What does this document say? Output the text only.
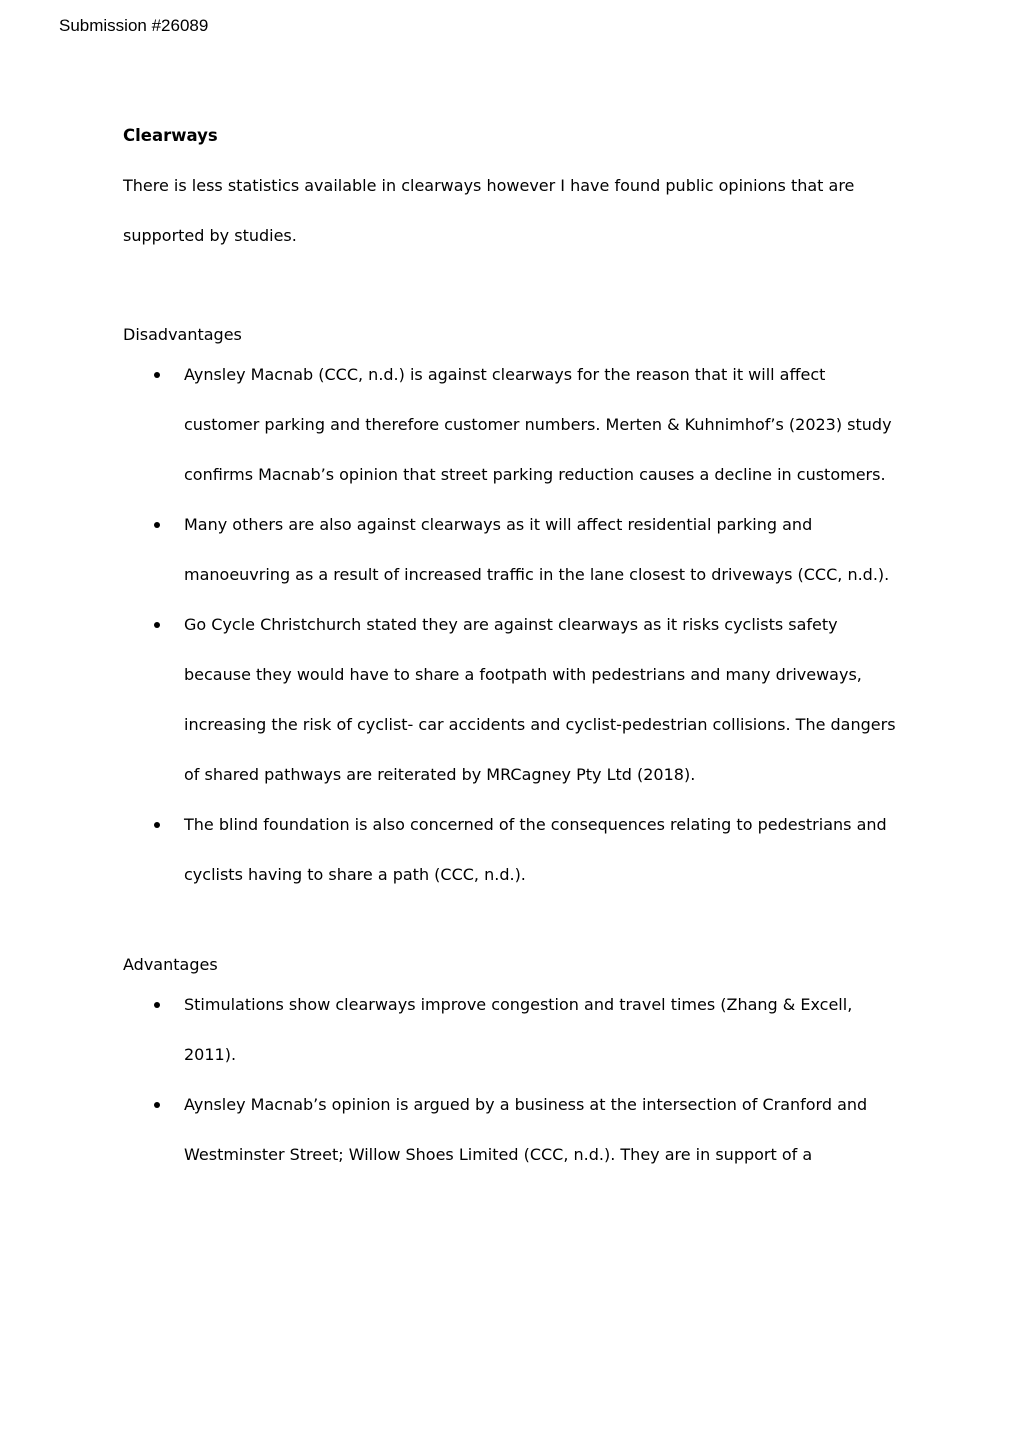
Submission #26089

Clearways

There is less statistics available in clearways however I have found public opinions that are supported by studies.

Disadvantages

Aynsley Macnab (CCC, n.d.) is against clearways for the reason that it will affect customer parking and therefore customer numbers. Merten & Kuhnimhof’s (2023) study confirms Macnab’s opinion that street parking reduction causes a decline in customers.
Many others are also against clearways as it will affect residential parking and manoeuvring as a result of increased traffic in the lane closest to driveways (CCC, n.d.).
Go Cycle Christchurch stated they are against clearways as it risks cyclists safety because they would have to share a footpath with pedestrians and many driveways, increasing the risk of cyclist- car accidents and cyclist-pedestrian collisions. The dangers of shared pathways are reiterated by MRCagney Pty Ltd (2018).
The blind foundation is also concerned of the consequences relating to pedestrians and cyclists having to share a path (CCC, n.d.).

Advantages

Stimulations show clearways improve congestion and travel times (Zhang & Excell, 2011).
Aynsley Macnab’s opinion is argued by a business at the intersection of Cranford and Westminster Street; Willow Shoes Limited (CCC, n.d.). They are in support of a
